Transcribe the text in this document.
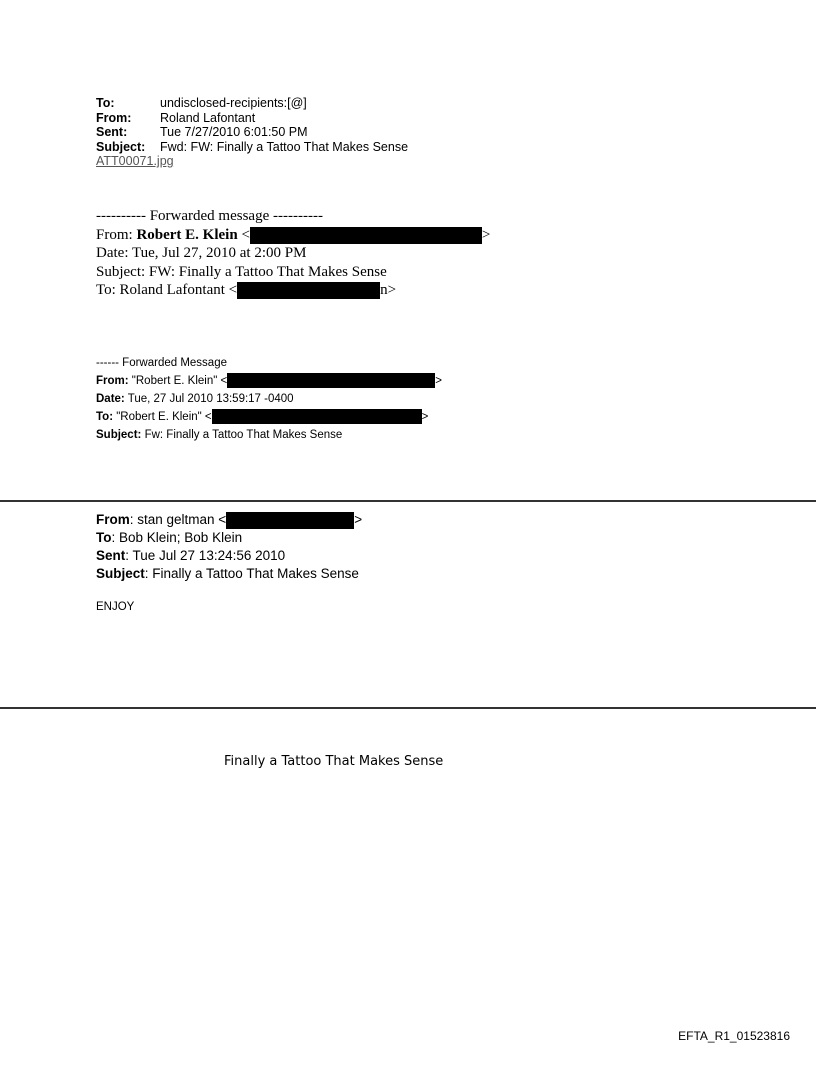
To:	undisclosed-recipients:[@]
From:	Roland Lafontant
Sent:	Tue 7/27/2010 6:01:50 PM
Subject:	Fwd: FW: Finally a Tattoo That Makes Sense
ATT00071.jpg
---------- Forwarded message ----------
From: Robert E. Klein <	>
Date: Tue, Jul 27, 2010 at 2:00 PM
Subject: FW: Finally a Tattoo That Makes Sense
To: Roland Lafontant <	n>
------ Forwarded Message
From: "Robert E. Klein" <	>
Date: Tue, 27 Jul 2010 13:59:17 -0400
To: "Robert E. Klein" <	>
Subject: Fw: Finally a Tattoo That Makes Sense
From: stan geltman <	>
To: Bob Klein; Bob Klein
Sent: Tue Jul 27 13:24:56 2010
Subject: Finally a Tattoo That Makes Sense
ENJOY
Finally a Tattoo That Makes Sense
EFTA_R1_01523816
